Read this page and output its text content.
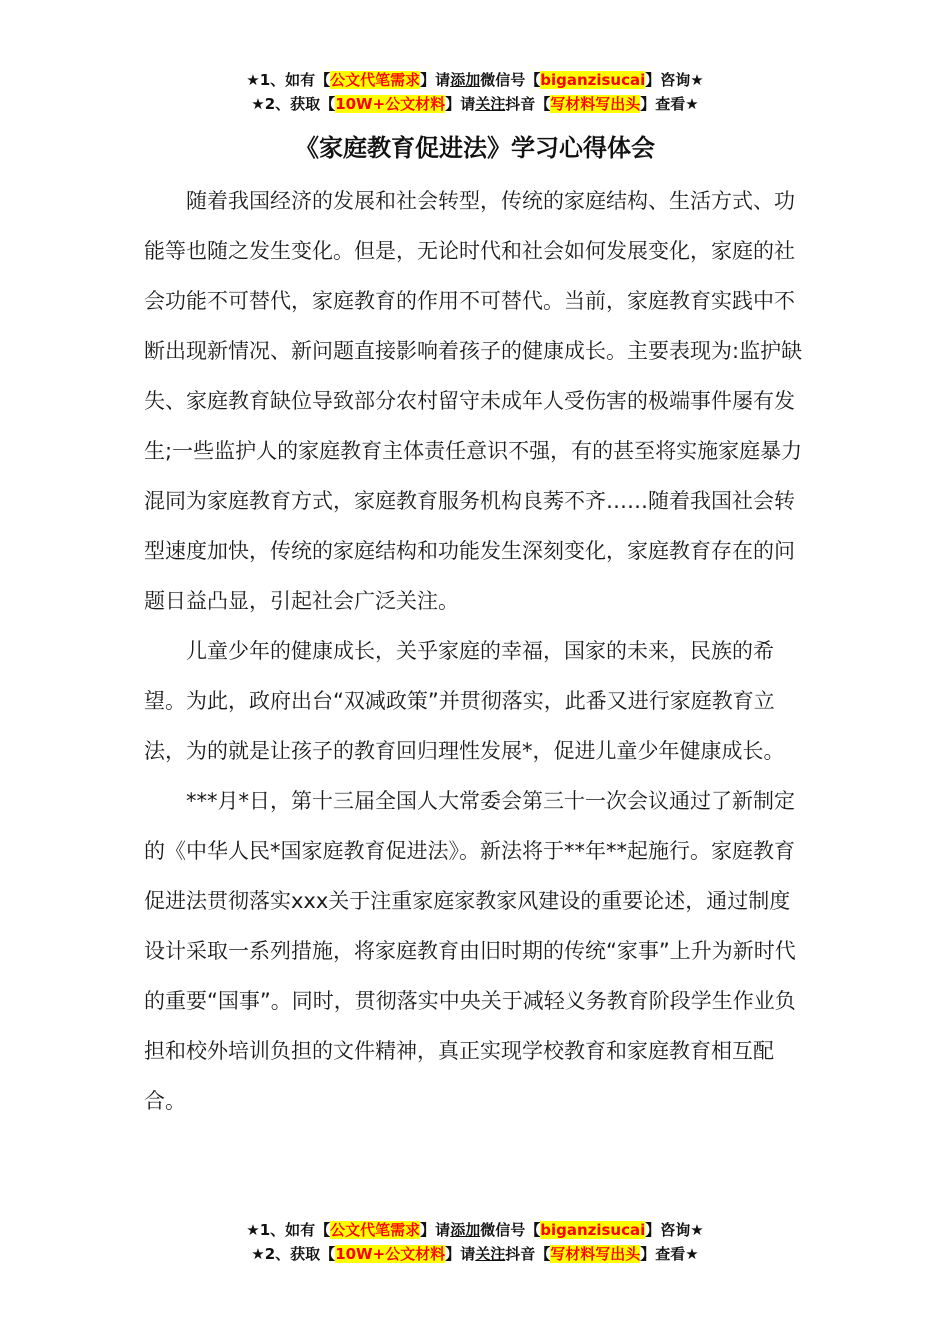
★1、如有【公文代笔需求】请添加微信号【biganzisucai】咨询★
★2、获取【10W+公文材料】请关注抖音【写材料写出头】查看★
《家庭教育促进法》学习心得体会

随着我国经济的发展和社会转型，传统的家庭结构、生活方式、功能等也随之发生变化。但是，无论时代和社会如何发展变化，家庭的社会功能不可替代，家庭教育的作用不可替代。当前，家庭教育实践中不断出现新情况、新问题直接影响着孩子的健康成长。主要表现为:监护缺失、家庭教育缺位导致部分农村留守未成年人受伤害的极端事件屡有发生;一些监护人的家庭教育主体责任意识不强，有的甚至将实施家庭暴力混同为家庭教育方式，家庭教育服务机构良莠不齐……随着我国社会转型速度加快，传统的家庭结构和功能发生深刻变化，家庭教育存在的问题日益凸显，引起社会广泛关注。

儿童少年的健康成长，关乎家庭的幸福，国家的未来，民族的希望。为此，政府出台“双减政策”并贯彻落实，此番又进行家庭教育立法，为的就是让孩子的教育回归理性发展*，促进儿童少年健康成长。

***月*日，第十三届全国人大常委会第三十一次会议通过了新制定的《中华人民*国家庭教育促进法》。新法将于**年**起施行。家庭教育促进法贯彻落实xxx关于注重家庭家教家风建设的重要论述，通过制度设计采取一系列措施，将家庭教育由旧时期的传统“家事”上升为新时代的重要“国事”。同时，贯彻落实中央关于减轻义务教育阶段学生作业负担和校外培训负担的文件精神，真正实现学校教育和家庭教育相互配合。

★1、如有【公文代笔需求】请添加微信号【biganzisucai】咨询★
★2、获取【10W+公文材料】请关注抖音【写材料写出头】查看★
